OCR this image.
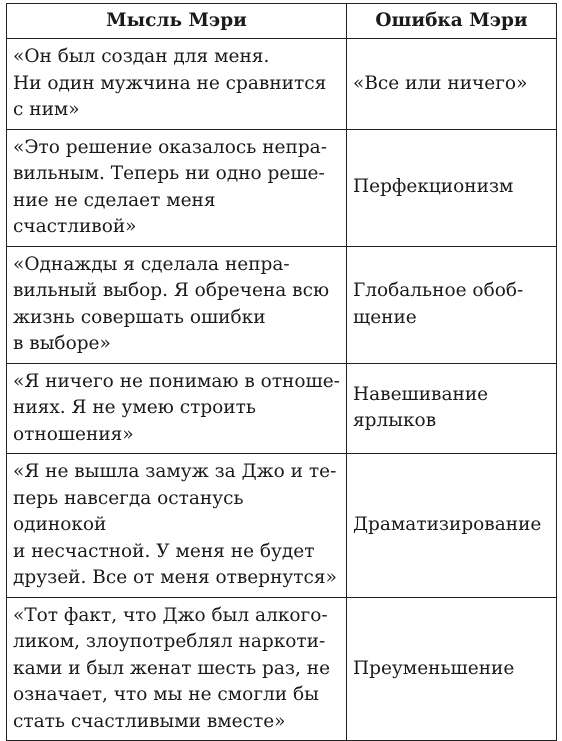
Мысль Мэри	Ошибка Мэри

«Он был создан для меня.
Ни один мужчина не сравнится
с ним»	«Все или ничего»

«Это решение оказалось непра-
вильным. Теперь ни одно реше-
ние не сделает меня счастливой»	Перфекционизм

«Однажды я сделала непра-
вильный выбор. Я обречена всю
жизнь совершать ошибки
в выборе»	Глобальное обоб-
щение

«Я ничего не понимаю в отноше-
ниях. Я не умею строить
отношения»	Навешивание
ярлыков

«Я не вышла замуж за Джо и те-
перь навсегда останусь одинокой
и несчастной. У меня не будет
друзей. Все от меня отвернутся»	Драматизирование

«Тот факт, что Джо был алкого-
ликом, злоупотреблял наркоти-
ками и был женат шесть раз, не
означает, что мы не смогли бы
стать счастливыми вместе»	Преуменьшение
